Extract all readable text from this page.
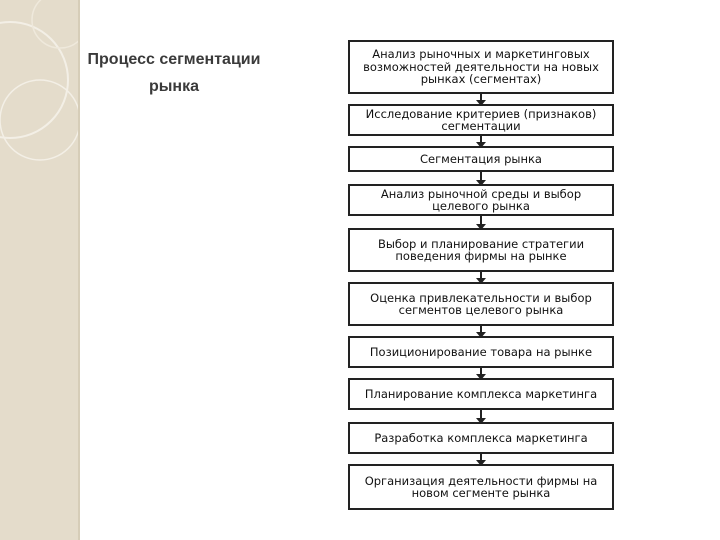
Процесс сегментации
рынка
Анализ рыночных и маркетинговых возможностей деятельности на новых рынках (сегментах)
Исследование критериев (признаков) сегментации
Сегментация рынка
Анализ рыночной среды и выбор целевого рынка
Выбор и планирование стратегии поведения фирмы на рынке
Оценка привлекательности и выбор сегментов целевого рынка
Позиционирование товара на рынке
Планирование комплекса маркетинга
Разработка комплекса маркетинга
Организация деятельности фирмы на новом сегменте рынка
